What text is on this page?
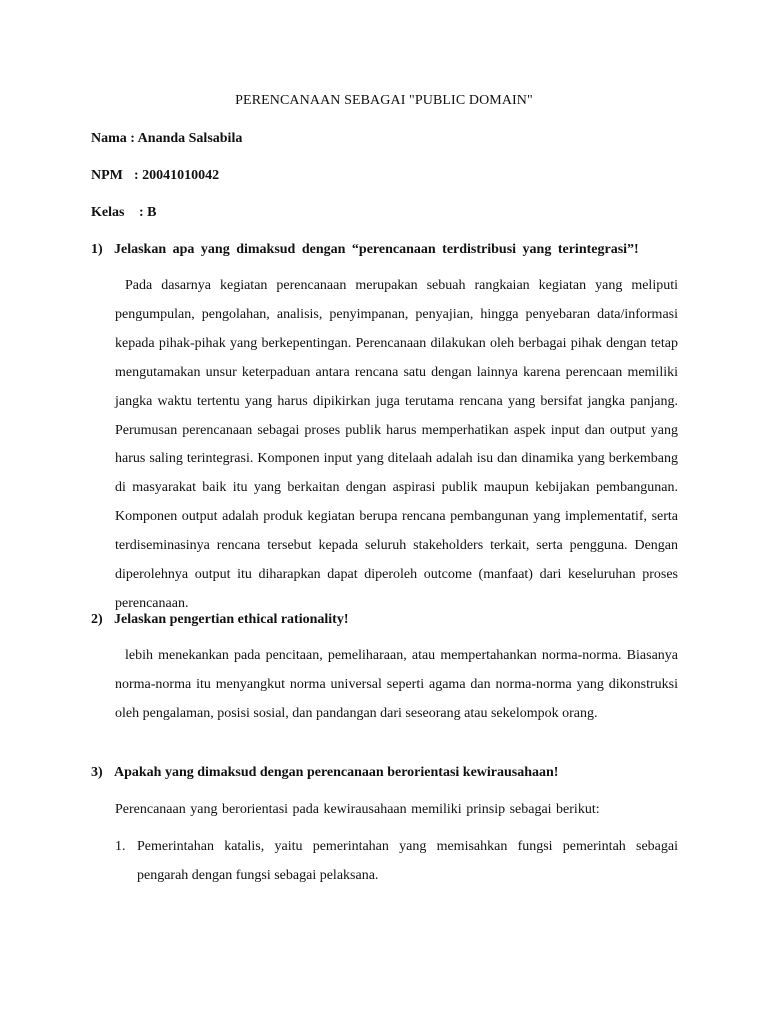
PERENCANAAN SEBAGAI "PUBLIC DOMAIN"
Nama : Ananda Salsabila
NPM : 20041010042
Kelas : B
1) Jelaskan apa yang dimaksud dengan “perencanaan terdistribusi yang terintegrasi”!

Pada dasarnya kegiatan perencanaan merupakan sebuah rangkaian kegiatan yang meliputi pengumpulan, pengolahan, analisis, penyimpanan, penyajian, hingga penyebaran data/informasi kepada pihak-pihak yang berkepentingan. Perencanaan dilakukan oleh berbagai pihak dengan tetap mengutamakan unsur keterpaduan antara rencana satu dengan lainnya karena perencaan memiliki jangka waktu tertentu yang harus dipikirkan juga terutama rencana yang bersifat jangka panjang. Perumusan perencanaan sebagai proses publik harus memperhatikan aspek input dan output yang harus saling terintegrasi. Komponen input yang ditelaah adalah isu dan dinamika yang berkembang di masyarakat baik itu yang berkaitan dengan aspirasi publik maupun kebijakan pembangunan. Komponen output adalah produk kegiatan berupa rencana pembangunan yang implementatif, serta terdiseminasinya rencana tersebut kepada seluruh stakeholders terkait, serta pengguna. Dengan diperolehnya output itu diharapkan dapat diperoleh outcome (manfaat) dari keseluruhan proses perencanaan.

2) Jelaskan pengertian ethical rationality!

lebih menekankan pada pencitaan, pemeliharaan, atau mempertahankan norma-norma. Biasanya norma-norma itu menyangkut norma universal seperti agama dan norma-norma yang dikonstruksi oleh pengalaman, posisi sosial, dan pandangan dari seseorang atau sekelompok orang.

3) Apakah yang dimaksud dengan perencanaan berorientasi kewirausahaan!

Perencanaan yang berorientasi pada kewirausahaan memiliki prinsip sebagai berikut:

1. Pemerintahan katalis, yaitu pemerintahan yang memisahkan fungsi pemerintah sebagai pengarah dengan fungsi sebagai pelaksana.
